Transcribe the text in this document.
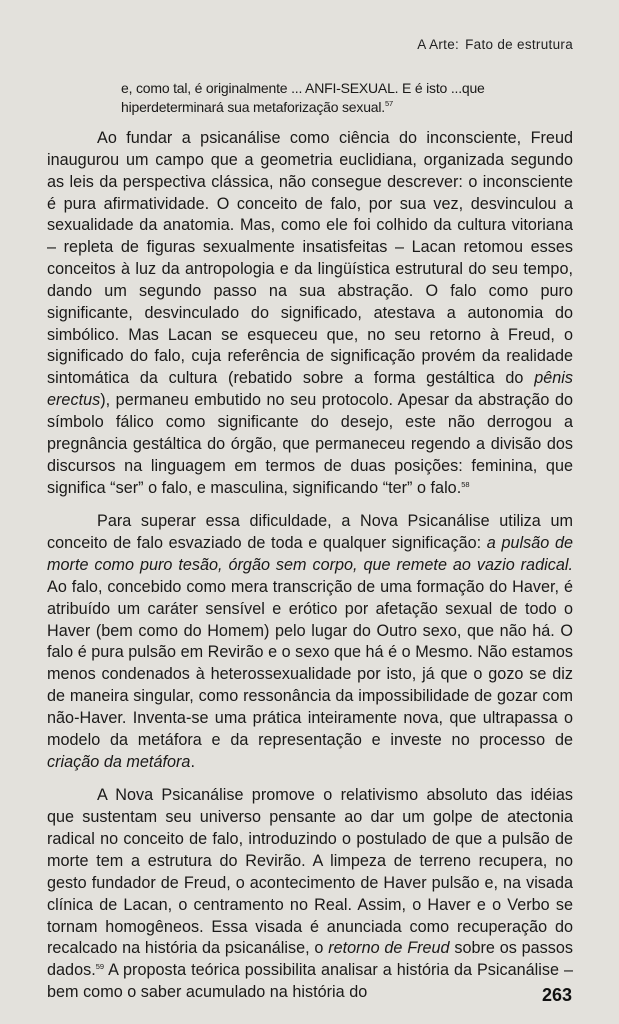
A Arte: Fato de estrutura
e, como tal, é originalmente ... ANFI-SEXUAL. E é isto ...que hiperdeterminará sua metaforização sexual.$^{57}$

Ao fundar a psicanálise como ciência do inconsciente, Freud inaugurou um campo que a geometria euclidiana, organizada segundo as leis da perspectiva clássica, não consegue descrever: o inconsciente é pura afirmatividade. O conceito de falo, por sua vez, desvinculou a sexualidade da anatomia. Mas, como ele foi colhido da cultura vitoriana – repleta de figuras sexualmente insatisfeitas – Lacan retomou esses conceitos à luz da antropologia e da lingüística estrutural do seu tempo, dando um segundo passo na sua abstração. O falo como puro significante, desvinculado do significado, atestava a autonomia do simbólico. Mas Lacan se esqueceu que, no seu retorno à Freud, o significado do falo, cuja referência de significação provém da realidade sintomática da cultura (rebatido sobre a forma gestáltica do pênis erectus), permaneu embutido no seu protocolo. Apesar da abstração do símbolo fálico como significante do desejo, este não derrogou a pregnância gestáltica do órgão, que permaneceu regendo a divisão dos discursos na linguagem em termos de duas posições: feminina, que significa “ser” o falo, e masculina, significando “ter” o falo.$^{58}$

Para superar essa dificuldade, a Nova Psicanálise utiliza um conceito de falo esvaziado de toda e qualquer significação: a pulsão de morte como puro tesão, órgão sem corpo, que remete ao vazio radical. Ao falo, concebido como mera transcrição de uma formação do Haver, é atribuído um caráter sensível e erótico por afetação sexual de todo o Haver (bem como do Homem) pelo lugar do Outro sexo, que não há. O falo é pura pulsão em Revirão e o sexo que há é o Mesmo. Não estamos menos condenados à heterossexualidade por isto, já que o gozo se diz de maneira singular, como ressonância da impossibilidade de gozar com não-Haver. Inventa-se uma prática inteiramente nova, que ultrapassa o modelo da metáfora e da representação e investe no processo de criação da metáfora.

A Nova Psicanálise promove o relativismo absoluto das idéias que sustentam seu universo pensante ao dar um golpe de atectonia radical no conceito de falo, introduzindo o postulado de que a pulsão de morte tem a estrutura do Revirão. A limpeza de terreno recupera, no gesto fundador de Freud, o acontecimento de Haver pulsão e, na visada clínica de Lacan, o centramento no Real. Assim, o Haver e o Verbo se tornam homogêneos. Essa visada é anunciada como recuperação do recalcado na história da psicanálise, o retorno de Freud sobre os passos dados.$^{59}$ A proposta teórica possibilita analisar a história da Psicanálise – bem como o saber acumulado na história do	263
